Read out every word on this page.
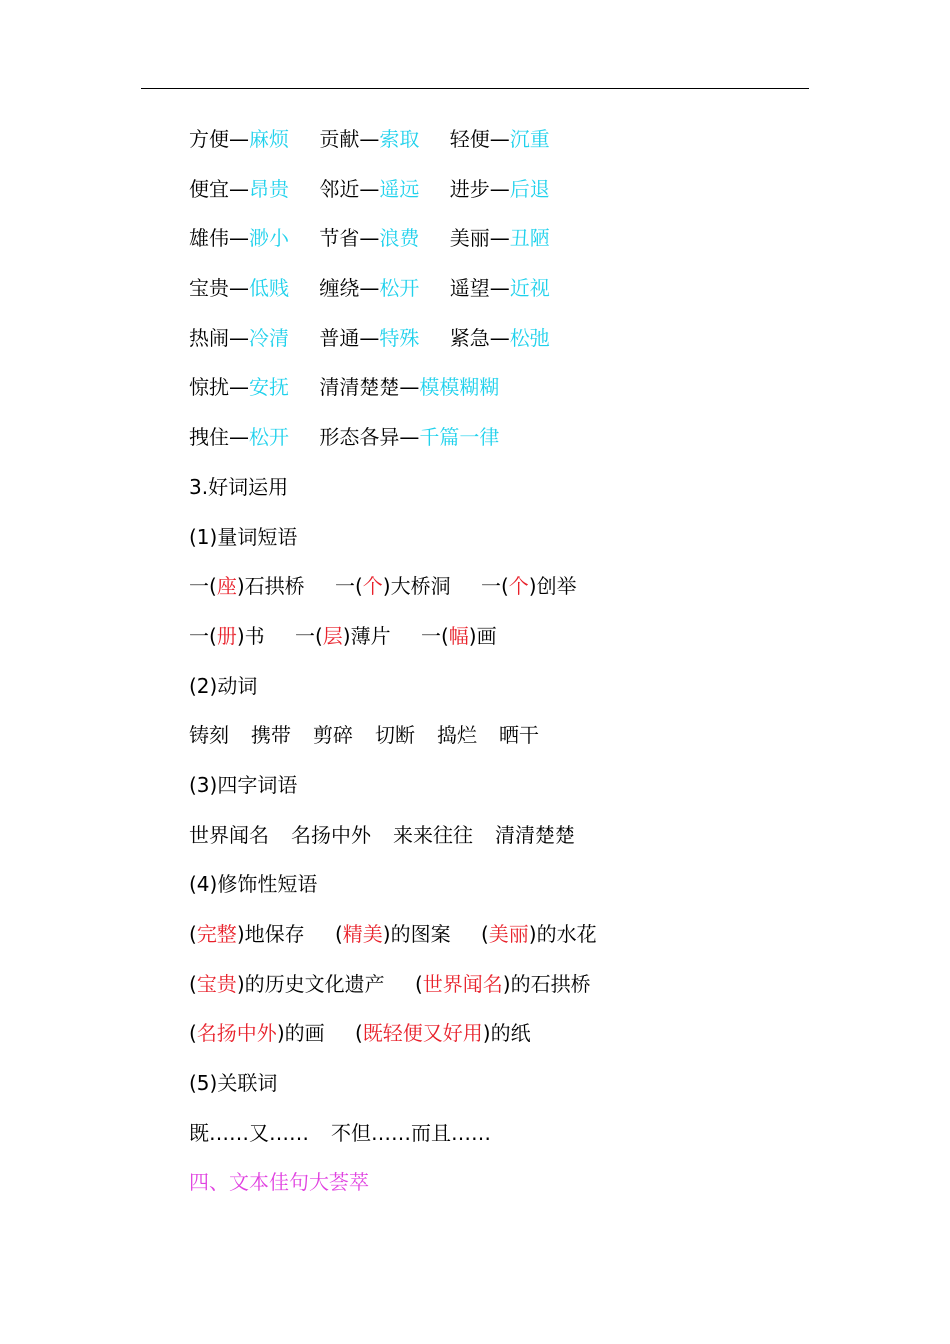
方便—麻烦 贡献—索取 轻便—沉重
便宜—昂贵 邻近—遥远 进步—后退
雄伟—渺小 节省—浪费 美丽—丑陋
宝贵—低贱 缠绕—松开 遥望—近视
热闹—冷清 普通—特殊 紧急—松弛
惊扰—安抚 清清楚楚—模模糊糊
拽住—松开 形态各异—千篇一律
3.好词运用
(1)量词短语
一(座)石拱桥 一(个)大桥洞 一(个)创举
一(册)书 一(层)薄片 一(幅)画
(2)动词
铸刻 携带 剪碎 切断 捣烂 晒干
(3)四字词语
世界闻名 名扬中外 来来往往 清清楚楚
(4)修饰性短语
(完整)地保存 (精美)的图案 (美丽)的水花
(宝贵)的历史文化遗产 (世界闻名)的石拱桥
(名扬中外)的画 (既轻便又好用)的纸
(5)关联词
既……又…… 不但……而且……
四、文本佳句大荟萃
